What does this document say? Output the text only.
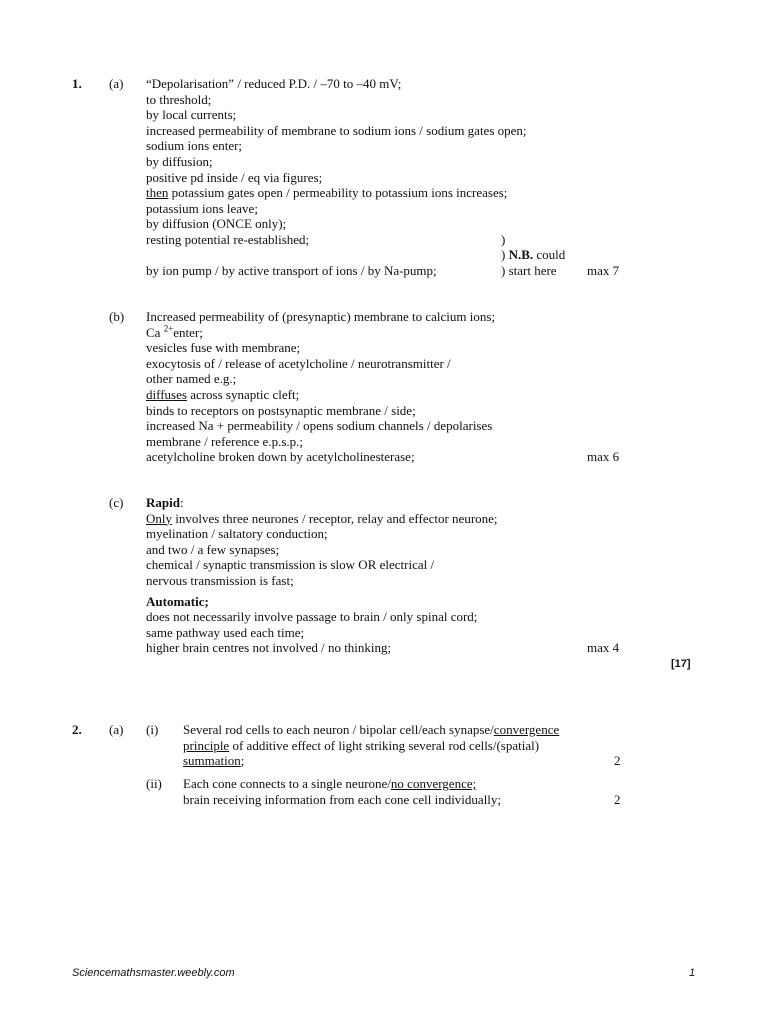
1. (a) “Depolarisation” / reduced P.D. / –70 to –40 mV;
to threshold;
by local currents;
increased permeability of membrane to sodium ions / sodium gates open;
sodium ions enter;
by diffusion;
positive pd inside / eq via figures;
then potassium gates open / permeability to potassium ions increases;
potassium ions leave;
by diffusion (ONCE only);
resting potential re-established;
by ion pump / by active transport of ions / by Na-pump;
)
) N.B. could
) start here max 7
(b) Increased permeability of (presynaptic) membrane to calcium ions;
Ca $^{2+}$enter;
vesicles fuse with membrane;
exocytosis of / release of acetylcholine / neurotransmitter /
other named e.g.;
diffuses across synaptic cleft;
binds to receptors on postsynaptic membrane / side;
increased Na + permeability / opens sodium channels / depolarises
membrane / reference e.p.s.p.;
acetylcholine broken down by acetylcholinesterase;	max 6
(c) Rapid:
Only involves three neurones / receptor, relay and effector neurone;
myelination / saltatory conduction;
and two / a few synapses;
chemical / synaptic transmission is slow OR electrical /
nervous transmission is fast;
Automatic;
does not necessarily involve passage to brain / only spinal cord;
same pathway used each time;
higher brain centres not involved / no thinking;	max 4
[17]
2. (a) (i) Several rod cells to each neuron / bipolar cell/each synapse/convergence
principle of additive effect of light striking several rod cells/(spatial)
summation;	2
(ii) Each cone connects to a single neurone/no convergence;
brain receiving information from each cone cell individually;	2
Sciencemathsmaster.weebly.com	1
